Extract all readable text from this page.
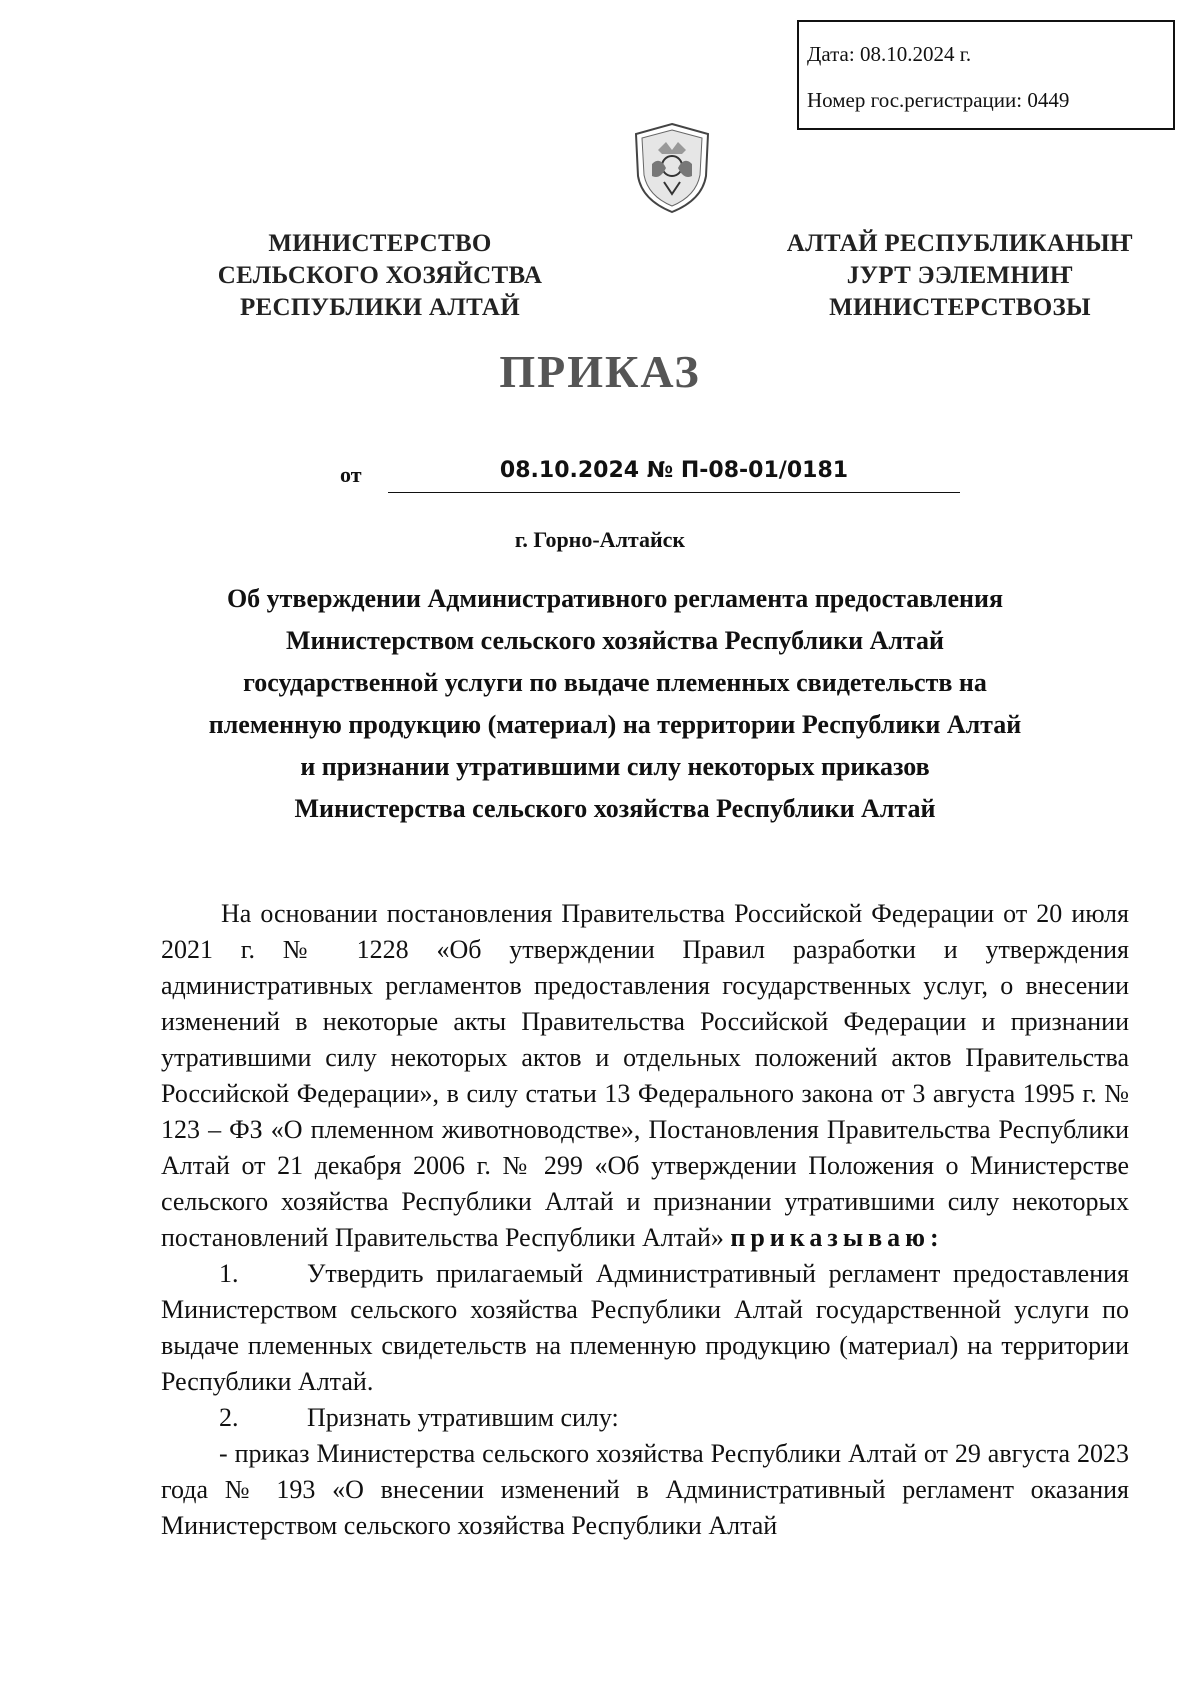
Дата: 08.10.2024 г.
Номер гос.регистрации: 0449
МИНИСТЕРСТВО
СЕЛЬСКОГО ХОЗЯЙСТВА
РЕСПУБЛИКИ АЛТАЙ
АЛТАЙ РЕСПУБЛИКАНЫҤ
ЈУРТ ЭЭЛЕМНИҤ
МИНИСТЕРСТВОЗЫ
ПРИКАЗ
от	08.10.2024 № П-08-01/0181
г. Горно-Алтайск
Об утверждении Административного регламента предоставления
Министерством сельского хозяйства Республики Алтай
государственной услуги по выдаче племенных свидетельств на
племенную продукцию (материал) на территории Республики Алтай
и признании утратившими силу некоторых приказов
Министерства сельского хозяйства Республики Алтай

На основании постановления Правительства Российской Федерации от 20 июля 2021 г. № 1228 «Об утверждении Правил разработки и утверждения административных регламентов предоставления государственных услуг, о внесении изменений в некоторые акты Правительства Российской Федерации и признании утратившими силу некоторых актов и отдельных положений актов Правительства Российской Федерации», в силу статьи 13 Федерального закона от 3 августа 1995 г. № 123 – ФЗ «О племенном животноводстве», Постановления Правительства Республики Алтай от 21 декабря 2006 г. № 299 «Об утверждении Положения о Министерстве сельского хозяйства Республики Алтай и признании утратившими силу некоторых постановлений Правительства Республики Алтай» приказываю:

1.	Утвердить прилагаемый Административный регламент предоставления Министерством сельского хозяйства Республики Алтай государственной услуги по выдаче племенных свидетельств на племенную продукцию (материал) на территории Республики Алтай.

2.	Признать утратившим силу:

- приказ Министерства сельского хозяйства Республики Алтай от 29 августа 2023 года № 193 «О внесении изменений в Административный регламент оказания Министерством сельского хозяйства Республики Алтай
